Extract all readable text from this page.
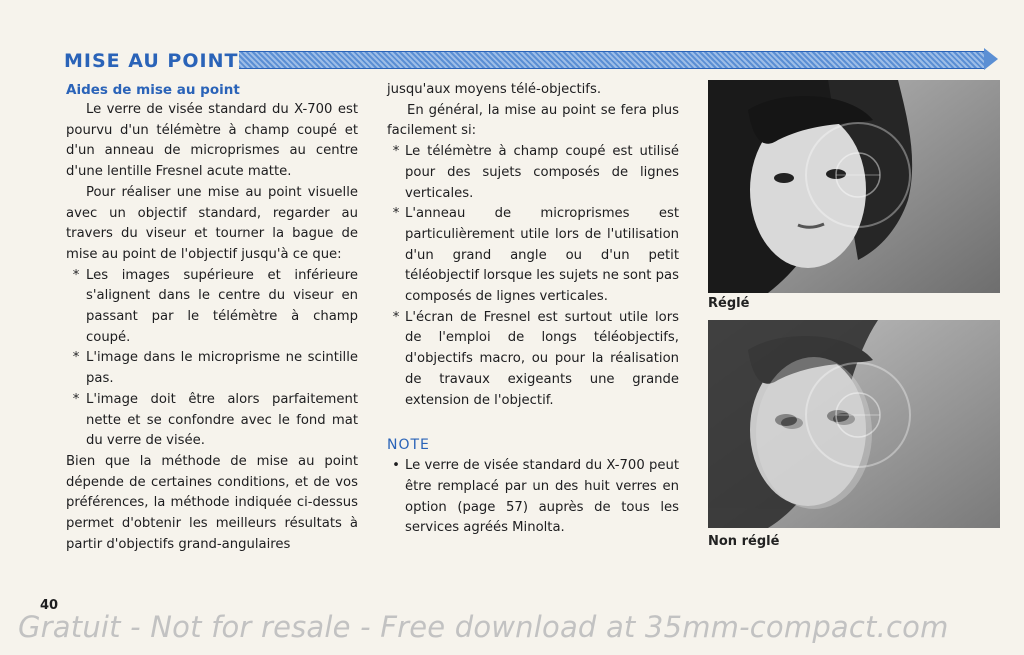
MISE AU POINT
Aides de mise au point

Le verre de visée standard du X-700 est pourvu d'un télémètre à champ coupé et d'un anneau de microprismes au centre d'une lentille Fresnel acute matte.

Pour réaliser une mise au point visuelle avec un objectif standard, regarder au travers du viseur et tourner la bague de mise au point de l'objectif jusqu'à ce que:

* Les images supérieure et inférieure s'alignent dans le centre du viseur en passant par le télémètre à champ coupé.
* L'image dans le microprisme ne scintille pas.
* L'image doit être alors parfaitement nette et se confondre avec le fond mat du verre de visée.

Bien que la méthode de mise au point dépende de certaines conditions, et de vos préférences, la méthode indiquée ci-dessus permet d'obtenir les meilleurs résultats à partir d'objectifs grand-angulaires

jusqu'aux moyens télé-objectifs.

En général, la mise au point se fera plus facilement si:

* Le télémètre à champ coupé est utilisé pour des sujets composés de lignes verticales.
* L'anneau de microprismes est particulièrement utile lors de l'utilisation d'un grand angle ou d'un petit téléobjectif lorsque les sujets ne sont pas composés de lignes verticales.
* L'écran de Fresnel est surtout utile lors de l'emploi de longs téléobjectifs, d'objectifs macro, ou pour la réalisation de travaux exigeants une grande extension de l'objectif.
NOTE
• Le verre de visée standard du X-700 peut être remplacé par un des huit verres en option (page 57) auprès de tous les services agréés Minolta.
Réglé
Non réglé
40
Gratuit - Not for resale - Free download at 35mm-compact.com
